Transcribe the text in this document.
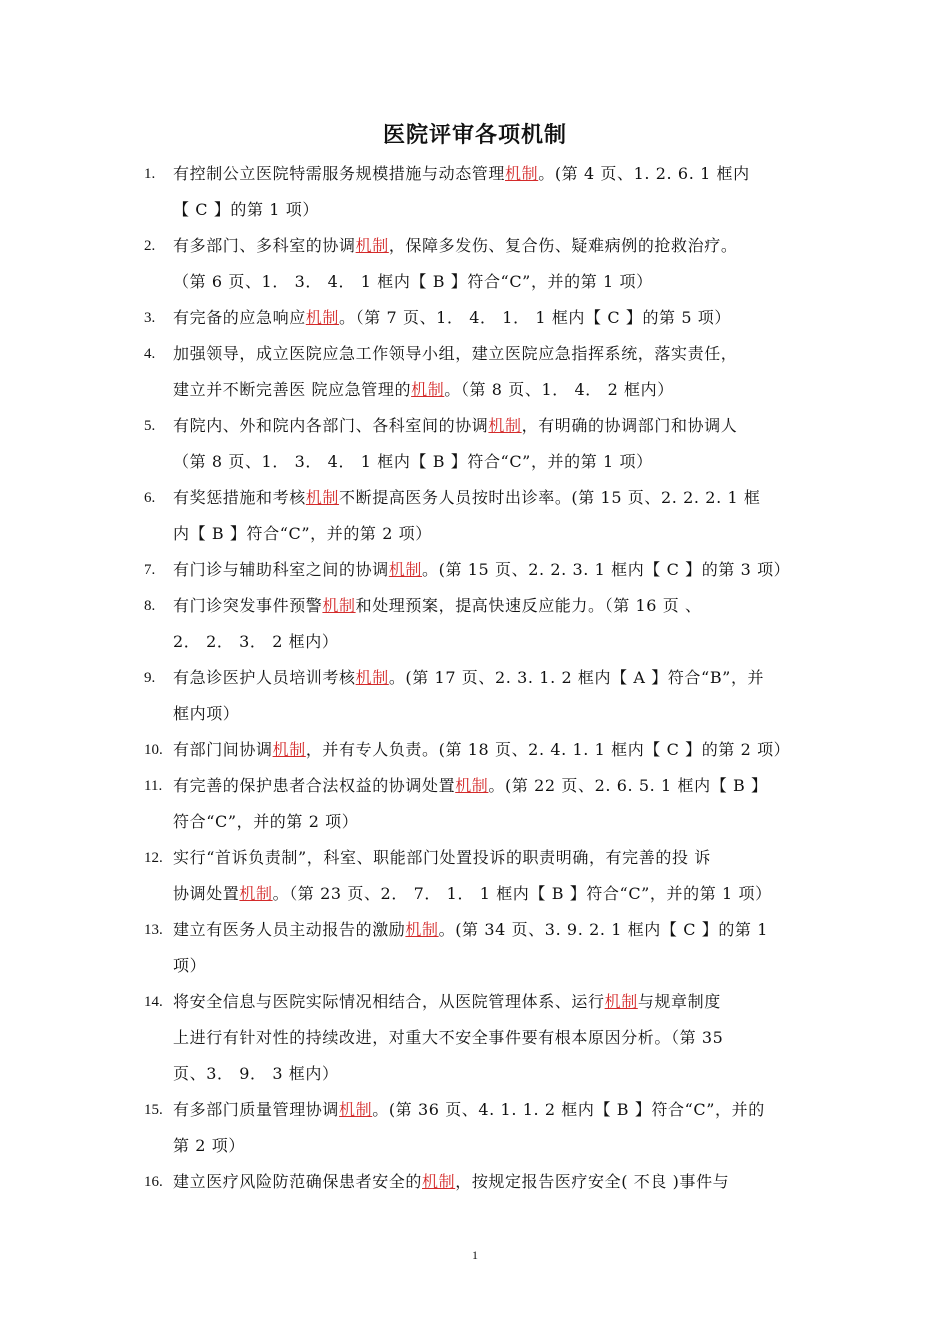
医院评审各项机制
1.	有控制公立医院特需服务规模措施与动态管理机制。(第 4 页、1. 2. 6. 1 框内
【 C 】的第 1 项）
2.	有多部门、多科室的协调机制，保障多发伤、复合伤、疑难病例的抢救治疗。
（第 6 页、1． 3． 4． 1 框内【 B 】符合“C”，并的第 1 项）
3.	有完备的应急响应机制。（第 7 页、1． 4． 1． 1 框内【 C 】的第 5 项）
4.	加强领导，成立医院应急工作领导小组，建立医院应急指挥系统，落实责任，
建立并不断完善医 院应急管理的机制。（第 8 页、1． 4． 2 框内）
5.	有院内、外和院内各部门、各科室间的协调机制，有明确的协调部门和协调人
（第 8 页、1． 3． 4． 1 框内【 B 】符合“C”，并的第 1 项）
6.	有奖惩措施和考核机制不断提高医务人员按时出诊率。(第 15 页、2. 2. 2. 1 框
内【 B 】符合“C”，并的第 2 项）
7.	有门诊与辅助科室之间的协调机制。(第 15 页、2. 2. 3. 1 框内【 C 】的第 3 项）
8.	有门诊突发事件预警机制和处理预案，提高快速反应能力。（第 16 页 、
2． 2． 3． 2 框内）
9.	有急诊医护人员培训考核机制。(第 17 页、2. 3. 1. 2 框内【 A 】符合“B”，并
框内项）
10. 有部门间协调机制，并有专人负责。(第 18 页、2. 4. 1. 1 框内【 C 】的第 2 项）
11. 有完善的保护患者合法权益的协调处置机制。(第 22 页、2. 6. 5. 1 框内【 B 】
符合“C”，并的第 2 项）
12. 实行“首诉负责制”，科室、职能部门处置投诉的职责明确，有完善的投 诉
协调处置机制。（第 23 页、2． 7． 1． 1 框内【 B 】符合“C”，并的第 1 项）
13. 建立有医务人员主动报告的激励机制。(第 34 页、3. 9. 2. 1 框内【 C 】的第 1
项）
14. 将安全信息与医院实际情况相结合，从医院管理体系、运行机制与规章制度
上进行有针对性的持续改进，对重大不安全事件要有根本原因分析。（第 35
页、3． 9． 3 框内）
15. 有多部门质量管理协调机制。(第 36 页、4. 1. 1. 2 框内【 B 】符合“C”，并的
第 2 项）
16. 建立医疗风险防范确保患者安全的机制，按规定报告医疗安全( 不良 )事件与
1
